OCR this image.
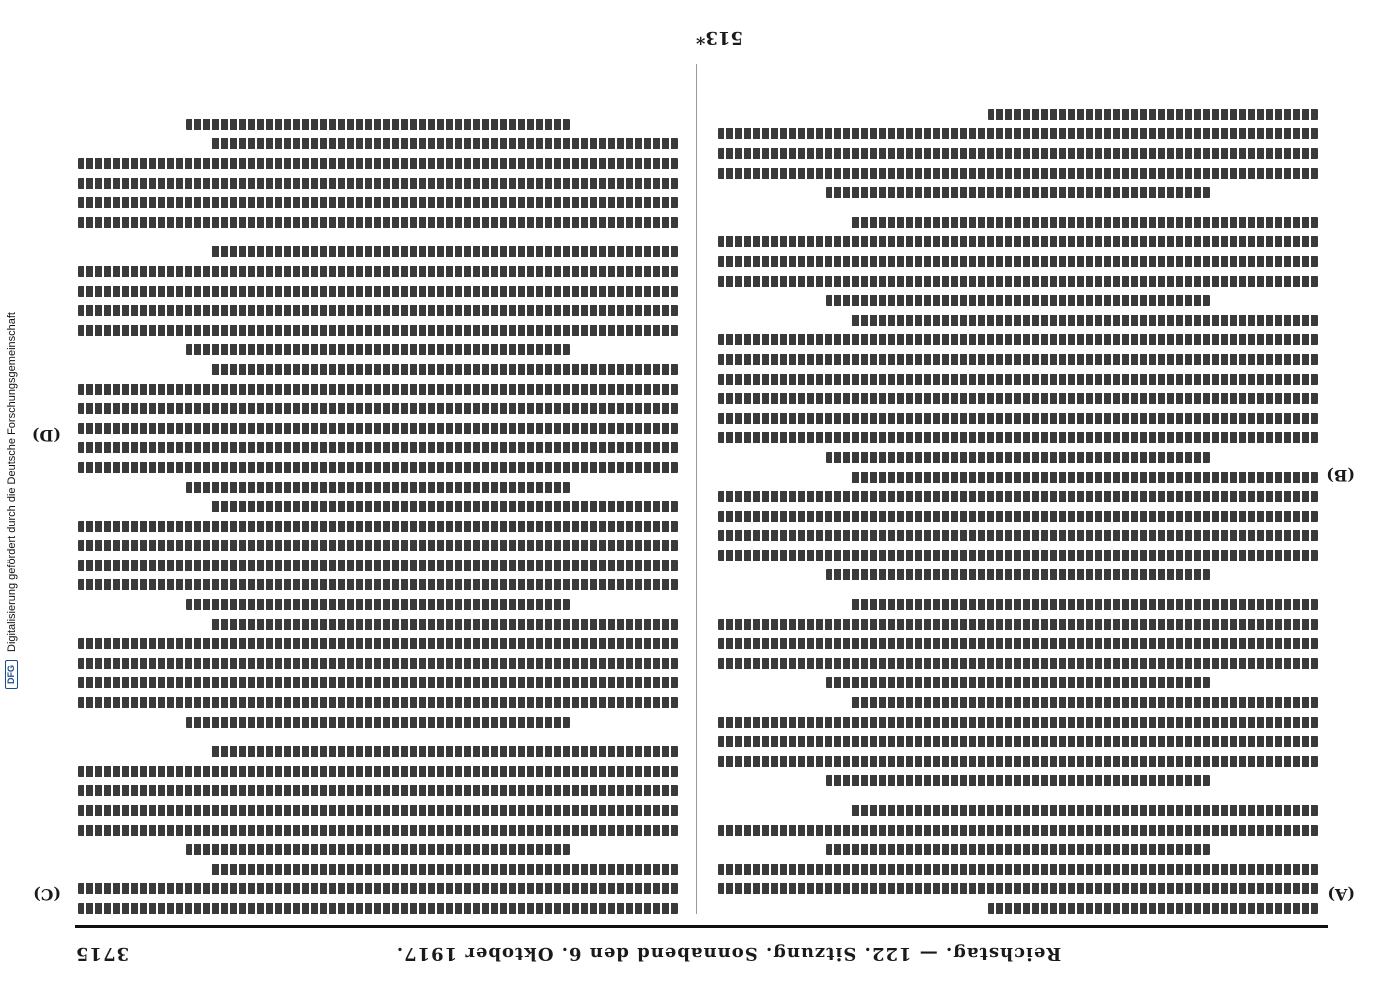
Reichstag. — 122. Sitzung. Sonnabend den 6. Oktober 1917.
3715
(A)
(B)
(C)
(D)
513*
DFG
Digitalisierung gefördert durch die Deutsche Forschungsgemeinschaft
